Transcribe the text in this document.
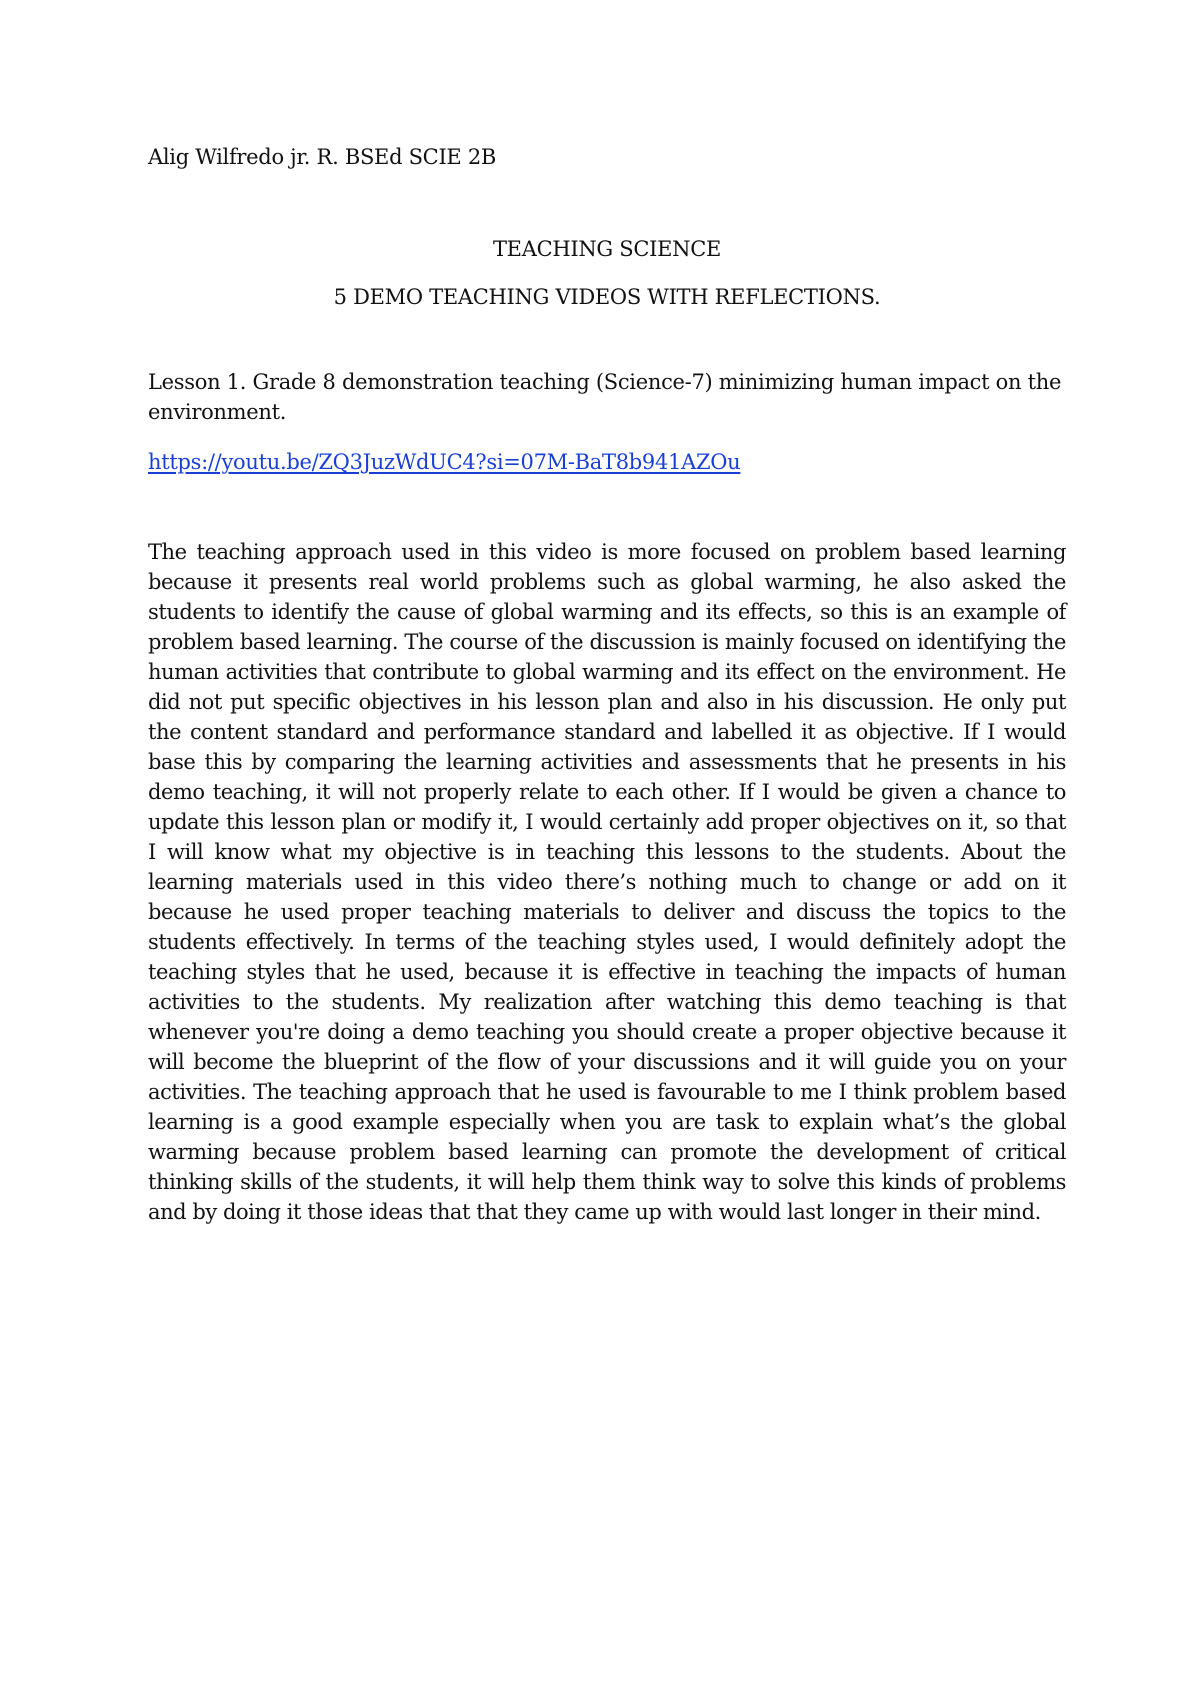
Alig Wilfredo jr. R. BSEd SCIE 2B

TEACHING SCIENCE

5 DEMO TEACHING VIDEOS WITH REFLECTIONS.

Lesson 1. Grade 8 demonstration teaching (Science-7) minimizing human impact on the environment.

https://youtu.be/ZQ3JuzWdUC4?si=07M-BaT8b941AZOu

The teaching approach used in this video is more focused on problem based learning because it presents real world problems such as global warming, he also asked the students to identify the cause of global warming and its effects, so this is an example of problem based learning. The course of the discussion is mainly focused on identifying the human activities that contribute to global warming and its effect on the environment. He did not put specific objectives in his lesson plan and also in his discussion. He only put the content standard and performance standard and labelled it as objective. If I would base this by comparing the learning activities and assessments that he presents in his demo teaching, it will not properly relate to each other. If I would be given a chance to update this lesson plan or modify it, I would certainly add proper objectives on it, so that I will know what my objective is in teaching this lessons to the students. About the learning materials used in this video there’s nothing much to change or add on it because he used proper teaching materials to deliver and discuss the topics to the students effectively. In terms of the teaching styles used, I would definitely adopt the teaching styles that he used, because it is effective in teaching the impacts of human activities to the students. My realization after watching this demo teaching is that whenever you're doing a demo teaching you should create a proper objective because it will become the blueprint of the flow of your discussions and it will guide you on your activities. The teaching approach that he used is favourable to me I think problem based learning is a good example especially when you are task to explain what’s the global warming because problem based learning can promote the development of critical thinking skills of the students, it will help them think way to solve this kinds of problems and by doing it those ideas that that they came up with would last longer in their mind.
